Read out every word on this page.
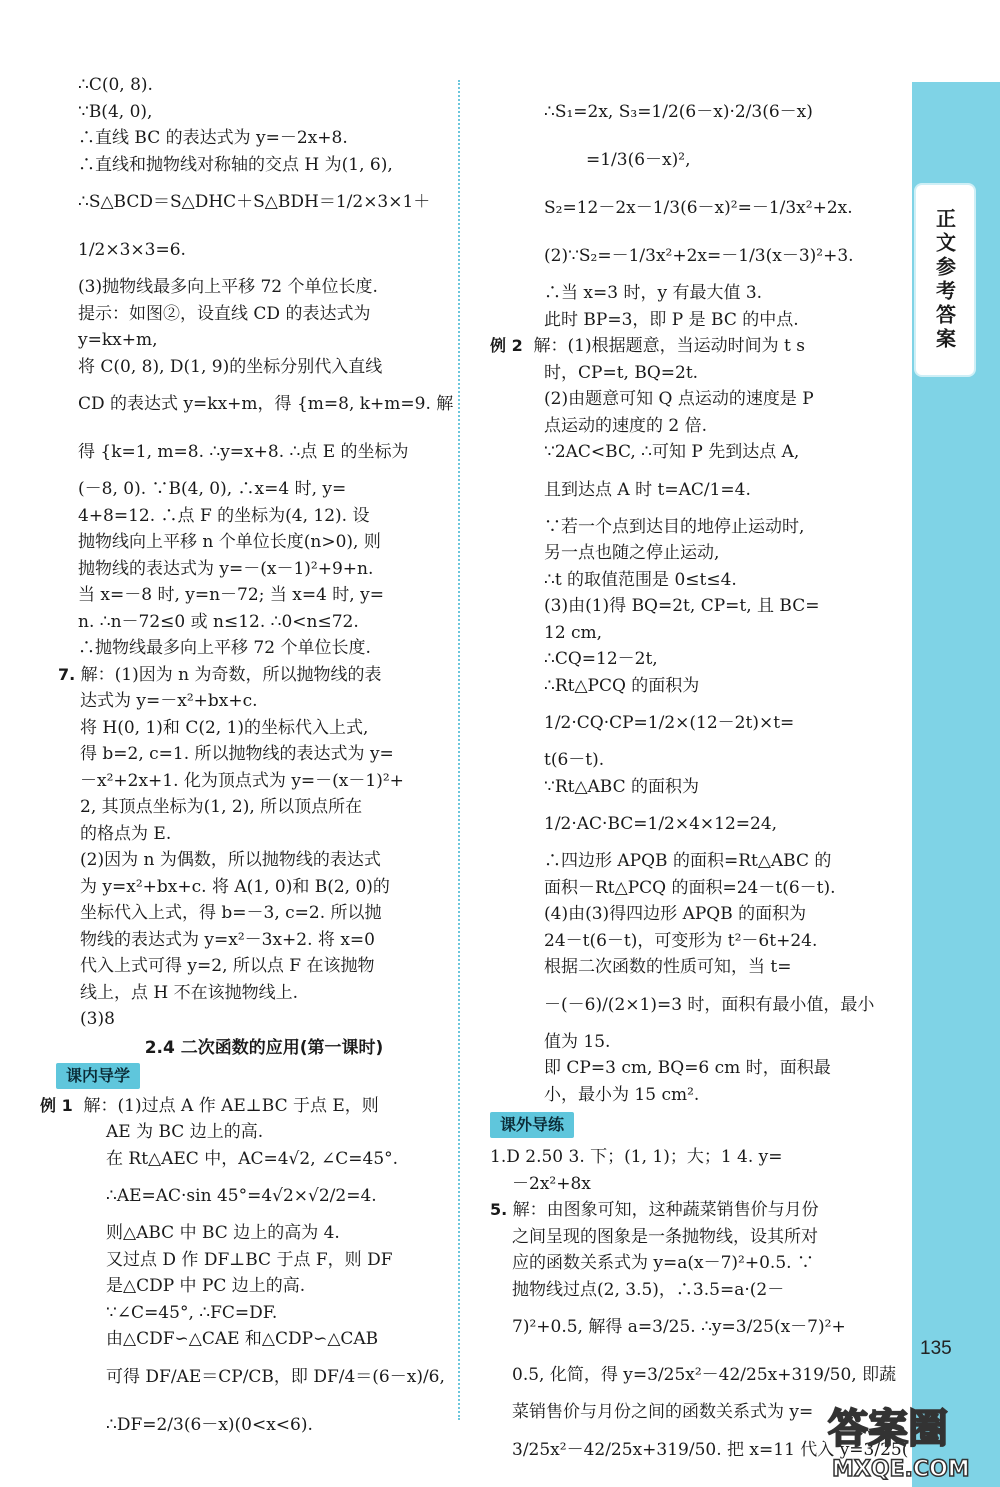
正文参考答案
∴C(0, 8).
∵B(4, 0),
∴直线 BC 的表达式为 y=－2x+8.
∴直线和抛物线对称轴的交点 H 为(1, 6),
∴S△BCD＝S△DHC＋S△BDH＝1/2×3×1＋
1/2×3×3=6.
(3)抛物线最多向上平移 72 个单位长度.
提示：如图②，设直线 CD 的表达式为
y=kx+m,
将 C(0, 8), D(1, 9)的坐标分别代入直线
CD 的表达式 y=kx+m，得 {m=8, k+m=9. 解
得 {k=1, m=8. ∴y=x+8. ∴点 E 的坐标为
(－8, 0). ∵B(4, 0), ∴x=4 时, y=
4+8=12. ∴点 F 的坐标为(4, 12). 设
抛物线向上平移 n 个单位长度(n>0), 则
抛物线的表达式为 y=－(x－1)²+9+n.
当 x=－8 时, y=n－72; 当 x=4 时, y=
n. ∴n－72≤0 或 n≤12. ∴0<n≤72.
∴抛物线最多向上平移 72 个单位长度.
7. 解：(1)因为 n 为奇数，所以抛物线的表
达式为 y=－x²+bx+c.
将 H(0, 1)和 C(2, 1)的坐标代入上式,
得 b=2, c=1. 所以抛物线的表达式为 y=
－x²+2x+1. 化为顶点式为 y=－(x－1)²+
2, 其顶点坐标为(1, 2), 所以顶点所在
的格点为 E.
(2)因为 n 为偶数，所以抛物线的表达式
为 y=x²+bx+c. 将 A(1, 0)和 B(2, 0)的
坐标代入上式，得 b=－3, c=2. 所以抛
物线的表达式为 y=x²－3x+2. 将 x=0
代入上式可得 y=2, 所以点 F 在该抛物
线上，点 H 不在该抛物线上.
(3)8
2.4 二次函数的应用(第一课时)
课内导学
例 1 解：(1)过点 A 作 AE⊥BC 于点 E，则
AE 为 BC 边上的高.
在 Rt△AEC 中，AC=4√2, ∠C=45°.
∴AE=AC·sin 45°=4√2×√2/2=4.
则△ABC 中 BC 边上的高为 4.
又过点 D 作 DF⊥BC 于点 F，则 DF
是△CDP 中 PC 边上的高.
∵∠C=45°, ∴FC=DF.
由△CDF∽△CAE 和△CDP∽△CAB
可得 DF/AE＝CP/CB，即 DF/4＝(6－x)/6,
∴DF=2/3(6－x)(0<x<6).
∴S₁=2x, S₃=1/2(6－x)·2/3(6－x)
=1/3(6－x)²,
S₂=12－2x－1/3(6－x)²=－1/3x²+2x.
(2)∵S₂=－1/3x²+2x=－1/3(x－3)²+3.
∴当 x=3 时，y 有最大值 3.
此时 BP=3，即 P 是 BC 的中点.
例 2 解：(1)根据题意，当运动时间为 t s
时，CP=t, BQ=2t.
(2)由题意可知 Q 点运动的速度是 P
点运动的速度的 2 倍.
∵2AC<BC, ∴可知 P 先到达点 A,
且到达点 A 时 t=AC/1=4.
∵若一个点到达目的地停止运动时,
另一点也随之停止运动,
∴t 的取值范围是 0≤t≤4.
(3)由(1)得 BQ=2t, CP=t, 且 BC=
12 cm,
∴CQ=12－2t,
∴Rt△PCQ 的面积为
1/2·CQ·CP=1/2×(12－2t)×t=
t(6－t).
∵Rt△ABC 的面积为
1/2·AC·BC=1/2×4×12=24,
∴四边形 APQB 的面积=Rt△ABC 的
面积－Rt△PCQ 的面积=24－t(6－t).
(4)由(3)得四边形 APQB 的面积为
24－t(6－t)，可变形为 t²－6t+24.
根据二次函数的性质可知，当 t=
－(－6)/(2×1)=3 时，面积有最小值，最小
值为 15.
即 CP=3 cm, BQ=6 cm 时，面积最
小，最小为 15 cm².
课外导练
1.D 2.50 3. 下；(1, 1)；大；1 4. y=
－2x²+8x
5. 解：由图象可知，这种蔬菜销售价与月份
之间呈现的图象是一条抛物线，设其所对
应的函数关系式为 y=a(x－7)²+0.5. ∵
抛物线过点(2, 3.5)，∴3.5=a·(2－
7)²+0.5, 解得 a=3/25. ∴y=3/25(x－7)²+
0.5, 化简，得 y=3/25x²－42/25x+319/50, 即蔬
菜销售价与月份之间的函数关系式为 y=
3/25x²－42/25x+319/50. 把 x=11 代入 y=3/25(
135
答案圈
MXQE.COM
